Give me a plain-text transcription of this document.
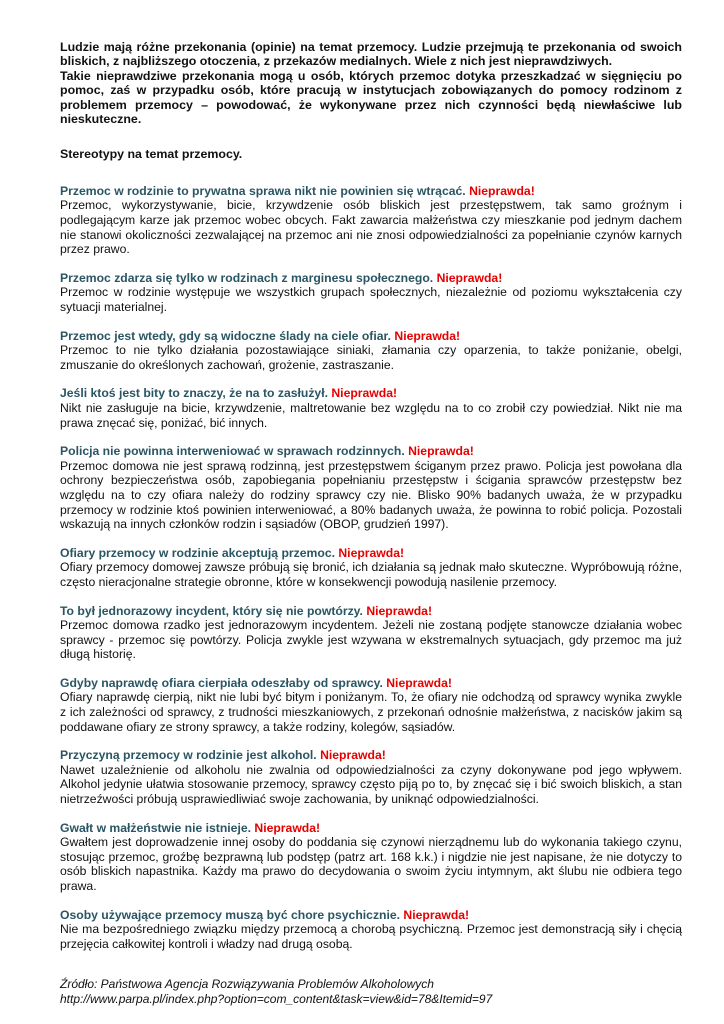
Ludzie mają różne przekonania (opinie) na temat przemocy. Ludzie przejmują te przekonania od swoich bliskich, z najbliższego otoczenia, z przekazów medialnych. Wiele z nich jest nieprawdziwych.

Takie nieprawdziwe przekonania mogą u osób, których przemoc dotyka przeszkadzać w sięgnięciu po pomoc, zaś w przypadku osób, które pracują w instytucjach zobowiązanych do pomocy rodzinom z problemem przemocy – powodować, że wykonywane przez nich czynności będą niewłaściwe lub nieskuteczne.

Stereotypy na temat przemocy.

Przemoc w rodzinie to prywatna sprawa nikt nie powinien się wtrącać. Nieprawda!

Przemoc, wykorzystywanie, bicie, krzywdzenie osób bliskich jest przestępstwem, tak samo groźnym i podlegającym karze jak przemoc wobec obcych. Fakt zawarcia małżeństwa czy mieszkanie pod jednym dachem nie stanowi okoliczności zezwalającej na przemoc ani nie znosi odpowiedzialności za popełnianie czynów karnych przez prawo.

Przemoc zdarza się tylko w rodzinach z marginesu społecznego. Nieprawda!

Przemoc w rodzinie występuje we wszystkich grupach społecznych, niezależnie od poziomu wykształcenia czy sytuacji materialnej.

Przemoc jest wtedy, gdy są widoczne ślady na ciele ofiar. Nieprawda!

Przemoc to nie tylko działania pozostawiające siniaki, złamania czy oparzenia, to także poniżanie, obelgi, zmuszanie do określonych zachowań, grożenie, zastraszanie.

Jeśli ktoś jest bity to znaczy, że na to zasłużył. Nieprawda!

Nikt nie zasługuje na bicie, krzywdzenie, maltretowanie bez względu na to co zrobił czy powiedział. Nikt nie ma prawa znęcać się, poniżać, bić innych.

Policja nie powinna interweniować w sprawach rodzinnych. Nieprawda!

Przemoc domowa nie jest sprawą rodzinną, jest przestępstwem ściganym przez prawo. Policja jest powołana dla ochrony bezpieczeństwa osób, zapobiegania popełnianiu przestępstw i ścigania sprawców przestępstw bez względu na to czy ofiara należy do rodziny sprawcy czy nie. Blisko 90% badanych uważa, że w przypadku przemocy w rodzinie ktoś powinien interweniować, a 80% badanych uważa, że powinna to robić policja. Pozostali wskazują na innych członków rodzin i sąsiadów (OBOP, grudzień 1997).

Ofiary przemocy w rodzinie akceptują przemoc. Nieprawda!

Ofiary przemocy domowej zawsze próbują się bronić, ich działania są jednak mało skuteczne. Wypróbowują różne, często nieracjonalne strategie obronne, które w konsekwencji powodują nasilenie przemocy.

To był jednorazowy incydent, który się nie powtórzy. Nieprawda!

Przemoc domowa rzadko jest jednorazowym incydentem. Jeżeli nie zostaną podjęte stanowcze działania wobec sprawcy - przemoc się powtórzy. Policja zwykle jest wzywana w ekstremalnych sytuacjach, gdy przemoc ma już długą historię.

Gdyby naprawdę ofiara cierpiała odeszłaby od sprawcy. Nieprawda!

Ofiary naprawdę cierpią, nikt nie lubi być bitym i poniżanym. To, że ofiary nie odchodzą od sprawcy wynika zwykle z ich zależności od sprawcy, z trudności mieszkaniowych, z przekonań odnośnie małżeństwa, z nacisków jakim są poddawane ofiary ze strony sprawcy, a także rodziny, kolegów, sąsiadów.

Przyczyną przemocy w rodzinie jest alkohol. Nieprawda!

Nawet uzależnienie od alkoholu nie zwalnia od odpowiedzialności za czyny dokonywane pod jego wpływem. Alkohol jedynie ułatwia stosowanie przemocy, sprawcy często piją po to, by znęcać się i bić swoich bliskich, a stan nietrzeźwości próbują usprawiedliwiać swoje zachowania, by uniknąć odpowiedzialności.

Gwałt w małżeństwie nie istnieje. Nieprawda!

Gwałtem jest doprowadzenie innej osoby do poddania się czynowi nierządnemu lub do wykonania takiego czynu, stosując przemoc, groźbę bezprawną lub podstęp (patrz art. 168 k.k.) i nigdzie nie jest napisane, że nie dotyczy to osób bliskich napastnika. Każdy ma prawo do decydowania o swoim życiu intymnym, akt ślubu nie odbiera tego prawa.

Osoby używające przemocy muszą być chore psychicznie. Nieprawda!

Nie ma bezpośredniego związku między przemocą a chorobą psychiczną. Przemoc jest demonstracją siły i chęcią przejęcia całkowitej kontroli i władzy nad drugą osobą.

Źródło: Państwowa Agencja Rozwiązywania Problemów Alkoholowych
http://www.parpa.pl/index.php?option=com_content&task=view&id=78&Itemid=97
